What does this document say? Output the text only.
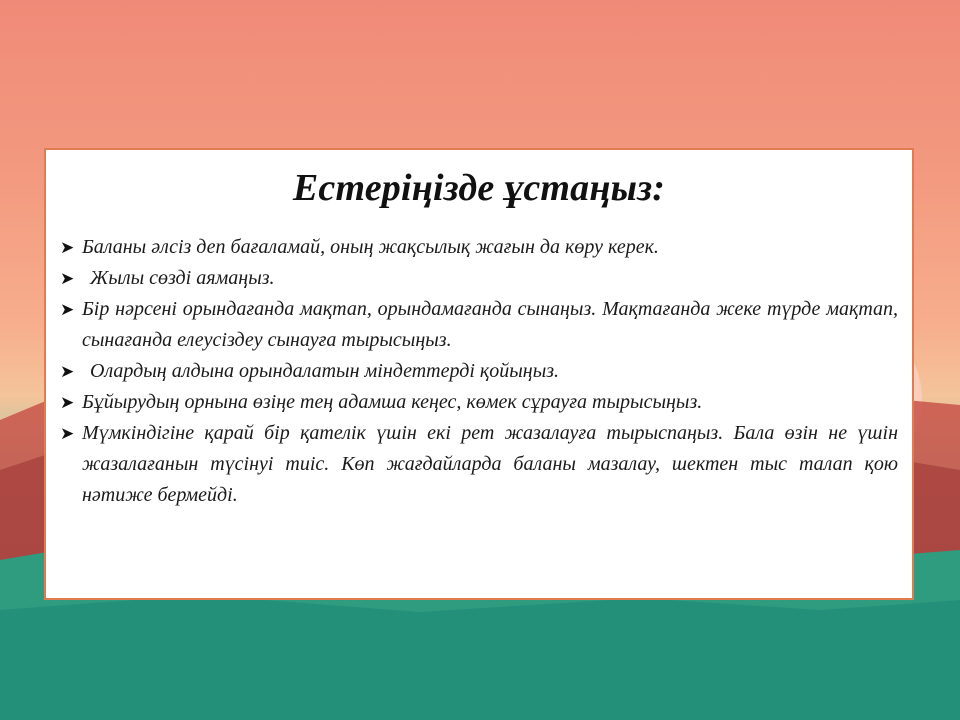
Естеріңізде ұстаңыз:
➤ Баланы әлсіз деп бағаламай, оның жақсылық жағын да көру керек.
➤ Жылы сөзді аямаңыз.
➤ Бір нәрсені орындағанда мақтап, орындамағанда сынаңыз. Мақтағанда жеке түрде мақтап, сынағанда елеусіздеу сынауға тырысыңыз.
➤ Олардың алдына орындалатын міндеттерді қойыңыз.
➤ Бұйырудың орнына өзіңе тең адамша кеңес, көмек сұрауға тырысыңыз.
➤ Мүмкіндігіне қарай бір қателік үшін екі рет жазалауға тырыспаңыз. Бала өзін не үшін жазалағанын түсінуі тиіс. Көп жағдайларда баланы мазалау, шектен тыс талап қою нәтиже бермейді.
